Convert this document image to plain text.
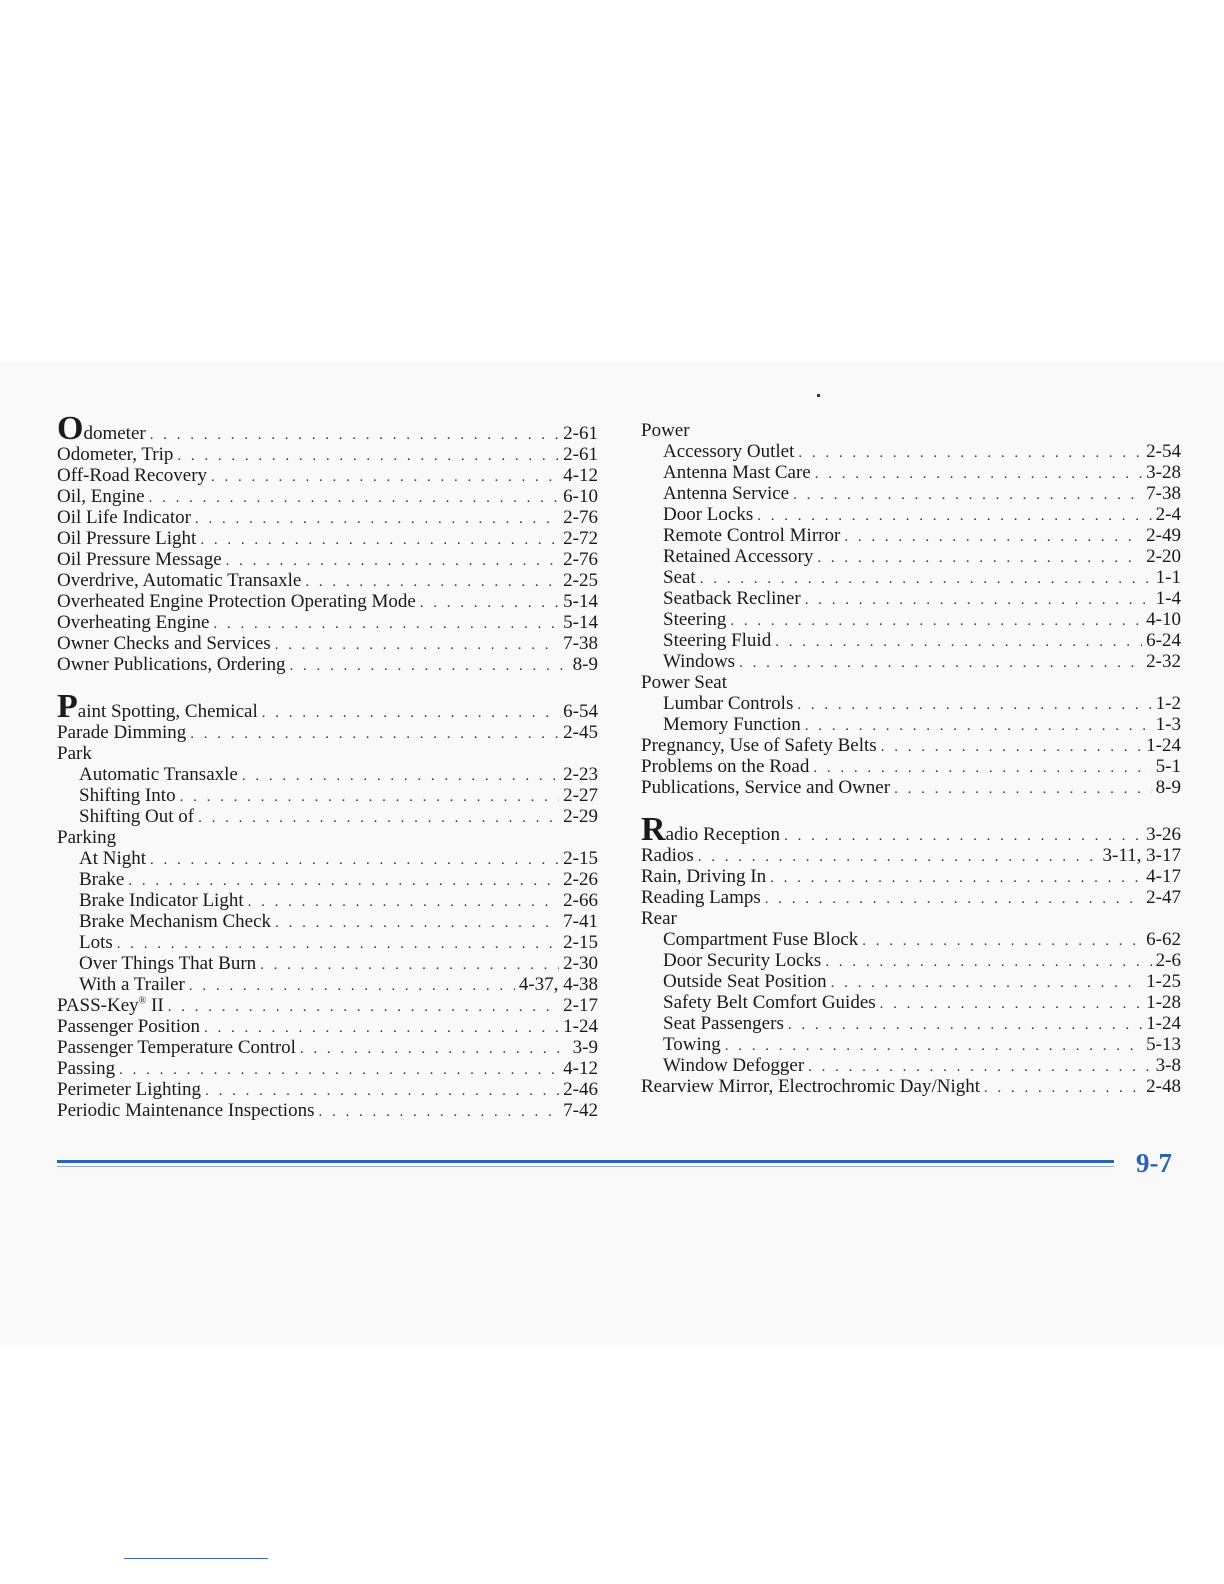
Odometer . . .	2-61
Odometer, Trip . . .	2-61
Off-Road Recovery . . .	4-12
Oil, Engine . . .	6-10
Oil Life Indicator . . .	2-76
Oil Pressure Light . . .	2-72
Oil Pressure Message . . .	2-76
Overdrive, Automatic Transaxle . . .	2-25
Overheated Engine Protection Operating Mode . . .	5-14
Overheating Engine . . .	5-14
Owner Checks and Services . . .	7-38
Owner Publications, Ordering . . .	8-9
Paint Spotting, Chemical . . .	6-54
Parade Dimming . . .	2-45
Park
Automatic Transaxle . . .	2-23
Shifting Into . . .	2-27
Shifting Out of . . .	2-29
Parking
At Night . . .	2-15
Brake . . .	2-26
Brake Indicator Light . . .	2-66
Brake Mechanism Check . . .	7-41
Lots . . .	2-15
Over Things That Burn . . .	2-30
With a Trailer . . .	4-37, 4-38
PASS-Key® II . . .	2-17
Passenger Position . . .	1-24
Passenger Temperature Control . . .	3-9
Passing . . .	4-12
Perimeter Lighting . . .	2-46
Periodic Maintenance Inspections . . .	7-42
Power
Accessory Outlet . . .	2-54
Antenna Mast Care . . .	3-28
Antenna Service . . .	7-38
Door Locks . . .	2-4
Remote Control Mirror . . .	2-49
Retained Accessory . . .	2-20
Seat . . .	1-1
Seatback Recliner . . .	1-4
Steering . . .	4-10
Steering Fluid . . .	6-24
Windows . . .	2-32
Power Seat
Lumbar Controls . . .	1-2
Memory Function . . .	1-3
Pregnancy, Use of Safety Belts . . .	1-24
Problems on the Road . . .	5-1
Publications, Service and Owner . . .	8-9
Radio Reception . . .	3-26
Radios . . .	3-11, 3-17
Rain, Driving In . . .	4-17
Reading Lamps . . .	2-47
Rear
Compartment Fuse Block . . .	6-62
Door Security Locks . . .	2-6
Outside Seat Position . . .	1-25
Safety Belt Comfort Guides . . .	1-28
Seat Passengers . . .	1-24
Towing . . .	5-13
Window Defogger . . .	3-8
Rearview Mirror, Electrochromic Day/Night . . .	2-48
9-7
